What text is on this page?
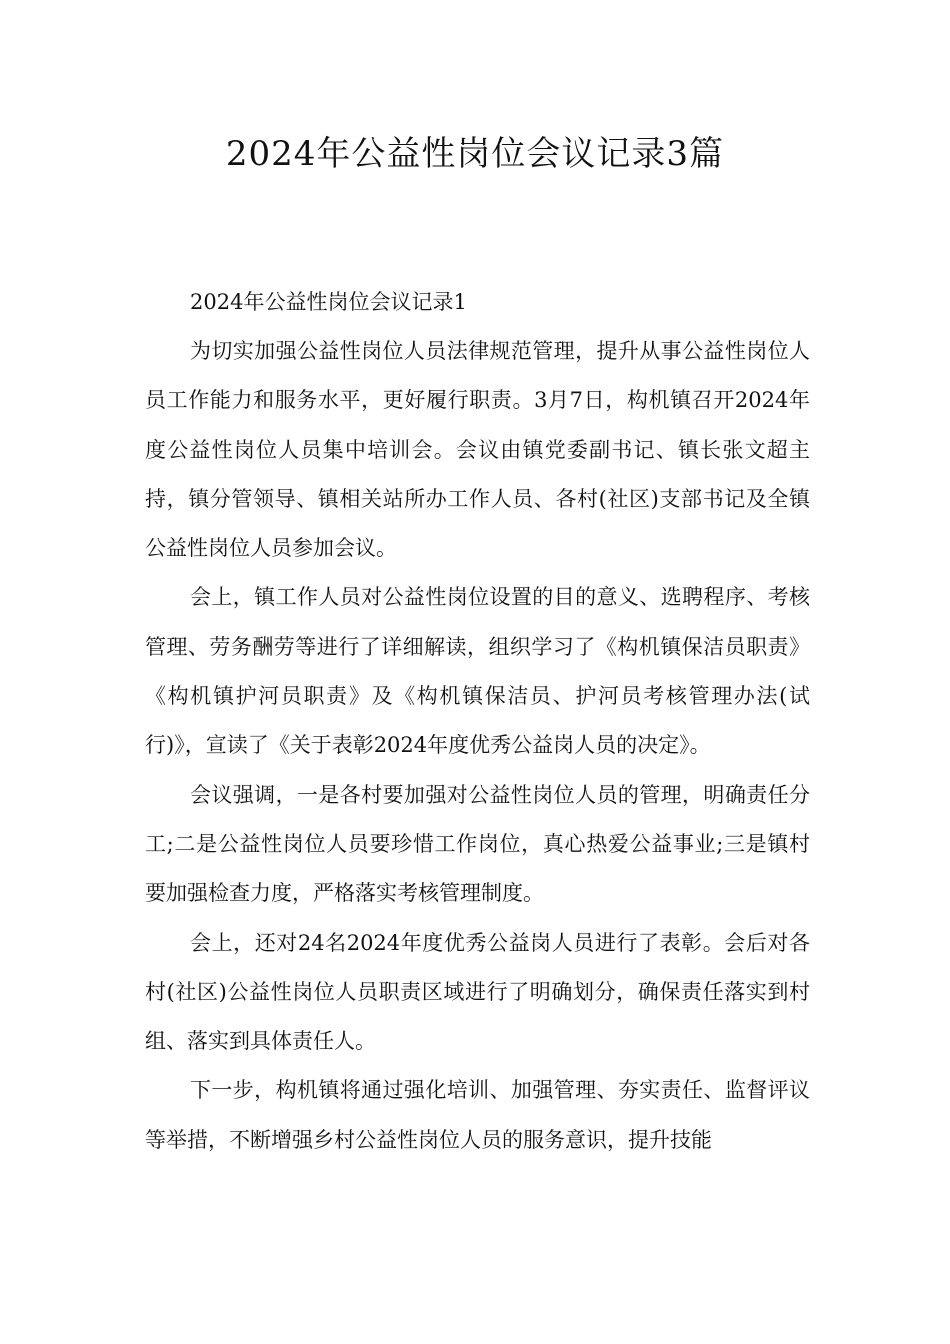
2024年公益性岗位会议记录3篇

2024年公益性岗位会议记录1

为切实加强公益性岗位人员法律规范管理，提升从事公益性岗位人员工作能力和服务水平，更好履行职责。3月7日，构机镇召开2024年度公益性岗位人员集中培训会。会议由镇党委副书记、镇长张文超主持，镇分管领导、镇相关站所办工作人员、各村(社区)支部书记及全镇公益性岗位人员参加会议。

会上，镇工作人员对公益性岗位设置的目的意义、选聘程序、考核管理、劳务酬劳等进行了详细解读，组织学习了《构机镇保洁员职责》《构机镇护河员职责》及《构机镇保洁员、护河员考核管理办法(试行)》，宣读了《关于表彰2024年度优秀公益岗人员的决定》。

会议强调，一是各村要加强对公益性岗位人员的管理，明确责任分工;二是公益性岗位人员要珍惜工作岗位，真心热爱公益事业;三是镇村要加强检查力度，严格落实考核管理制度。

会上，还对24名2024年度优秀公益岗人员进行了表彰。会后对各村(社区)公益性岗位人员职责区域进行了明确划分，确保责任落实到村组、落实到具体责任人。

下一步，构机镇将通过强化培训、加强管理、夯实责任、监督评议等举措，不断增强乡村公益性岗位人员的服务意识，提升技能
